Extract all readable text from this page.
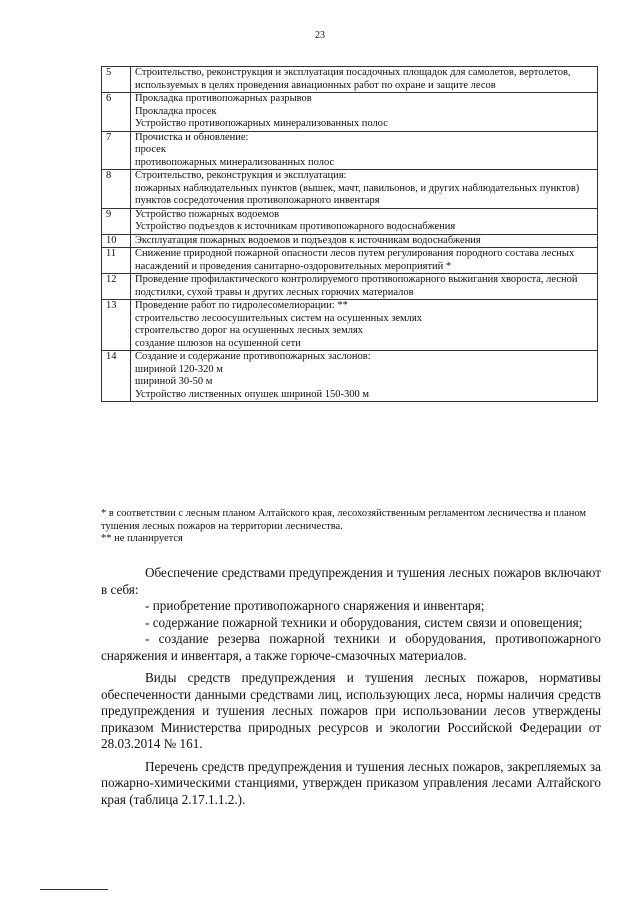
23
5	Строительство, реконструкция и эксплуатация посадочных площадок для самолетов, вертолетов, используемых в целях проведения авиационных работ по охране и защите лесов

6	Прокладка противопожарных разрывов
Прокладка просек
Устройство противопожарных минерализованных полос

7	Прочистка и обновление:
просек
противопожарных минерализованных полос

8	Строительство, реконструкция и эксплуатация:
пожарных наблюдательных пунктов (вышек, мачт, павильонов, и других наблюдательных пунктов)
пунктов сосредоточения противопожарного инвентаря

9	Устройство пожарных водоемов
Устройство подъездов к источникам противопожарного водоснабжения

10	Эксплуатация пожарных водоемов и подъездов к источникам водоснабжения

11	Снижение природной пожарной опасности лесов путем регулирования породного состава лесных насаждений и проведения санитарно-оздоровительных мероприятий *

12	Проведение профилактического контролируемого противопожарного выжигания хвороста, лесной подстилки, сухой травы и других лесных горючих материалов

13	Проведение работ по гидролесомелиорации: **
строительство лесоосушительных систем на осушенных землях
строительство дорог на осушенных лесных землях
создание шлюзов на осушенной сети

14	Создание и содержание противопожарных заслонов:
шириной 120-320 м
шириной 30-50 м
Устройство лиственных опушек шириной 150-300 м
* в соответствии с лесным планом Алтайского края, лесохозяйственным регламентом лесничества и планом тушения лесных пожаров на территории лесничества.
** не планируется

Обеспечение средствами предупреждения и тушения лесных пожаров включают в себя:

- приобретение противопожарного снаряжения и инвентаря;

- содержание пожарной техники и оборудования, систем связи и оповещения;

- создание резерва пожарной техники и оборудования, противопожарного снаряжения и инвентаря, а также горюче-смазочных материалов.

Виды средств предупреждения и тушения лесных пожаров, нормативы обеспеченности данными средствами лиц, использующих леса, нормы наличия средств предупреждения и тушения лесных пожаров при использовании лесов утверждены приказом Министерства природных ресурсов и экологии Российской Федерации от 28.03.2014 № 161.

Перечень средств предупреждения и тушения лесных пожаров, закрепляемых за пожарно-химическими станциями, утвержден приказом управления лесами Алтайского края (таблица 2.17.1.1.2.).
